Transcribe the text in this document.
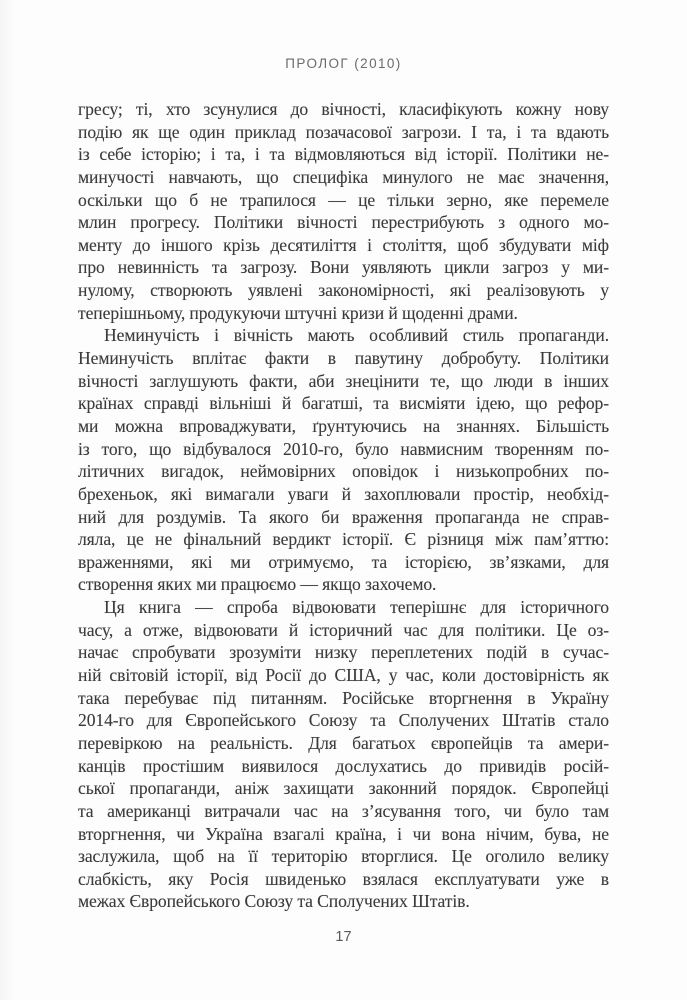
ПРОЛОГ (2010)
гресу; ті, хто зсунулися до вічності, класифікують кожну нову
подію як ще один приклад позачасової загрози. І та, і та вдають
із себе історію; і та, і та відмовляються від історії. Політики не-
минучості навчають, що специфіка минулого не має значення,
оскільки що б не трапилося — це тільки зерно, яке перемеле
млин прогресу. Політики вічності перестрибують з одного мо-
менту до іншого крізь десятиліття і століття, щоб збудувати міф
про невинність та загрозу. Вони уявляють цикли загроз у ми-
нулому, створюють уявлені закономірності, які реалізовують у
теперішньому, продукуючи штучні кризи й щоденні драми.
Неминучість і вічність мають особливий стиль пропаганди.
Неминучість вплітає факти в павутину добробуту. Політики
вічності заглушують факти, аби знецінити те, що люди в інших
країнах справді вільніші й багатші, та висміяти ідею, що рефор-
ми можна впроваджувати, ґрунтуючись на знаннях. Більшість
із того, що відбувалося 2010-го, було навмисним творенням по-
літичних вигадок, неймовірних оповідок і низькопробних по-
брехеньок, які вимагали уваги й захоплювали простір, необхід-
ний для роздумів. Та якого би враження пропаганда не справ-
ляла, це не фінальний вердикт історії. Є різниця між пам’яттю:
враженнями, які ми отримуємо, та історією, зв’язками, для
створення яких ми працюємо — якщо захочемо.
Ця книга — спроба відвоювати теперішнє для історичного
часу, а отже, відвоювати й історичний час для політики. Це оз-
начає спробувати зрозуміти низку переплетених подій в сучас-
ній світовій історії, від Росії до США, у час, коли достовірність як
така перебуває під питанням. Російське вторгнення в Україну
2014-го для Європейського Союзу та Сполучених Штатів стало
перевіркою на реальність. Для багатьох європейців та амери-
канців простішим виявилося дослухатись до привидів росій-
ської пропаганди, аніж захищати законний порядок. Європейці
та американці витрачали час на з’ясування того, чи було там
вторгнення, чи Україна взагалі країна, і чи вона нічим, бува, не
заслужила, щоб на її територію вторглися. Це оголило велику
слабкість, яку Росія швиденько взялася експлуатувати уже в
межах Європейського Союзу та Сполучених Штатів.
17
